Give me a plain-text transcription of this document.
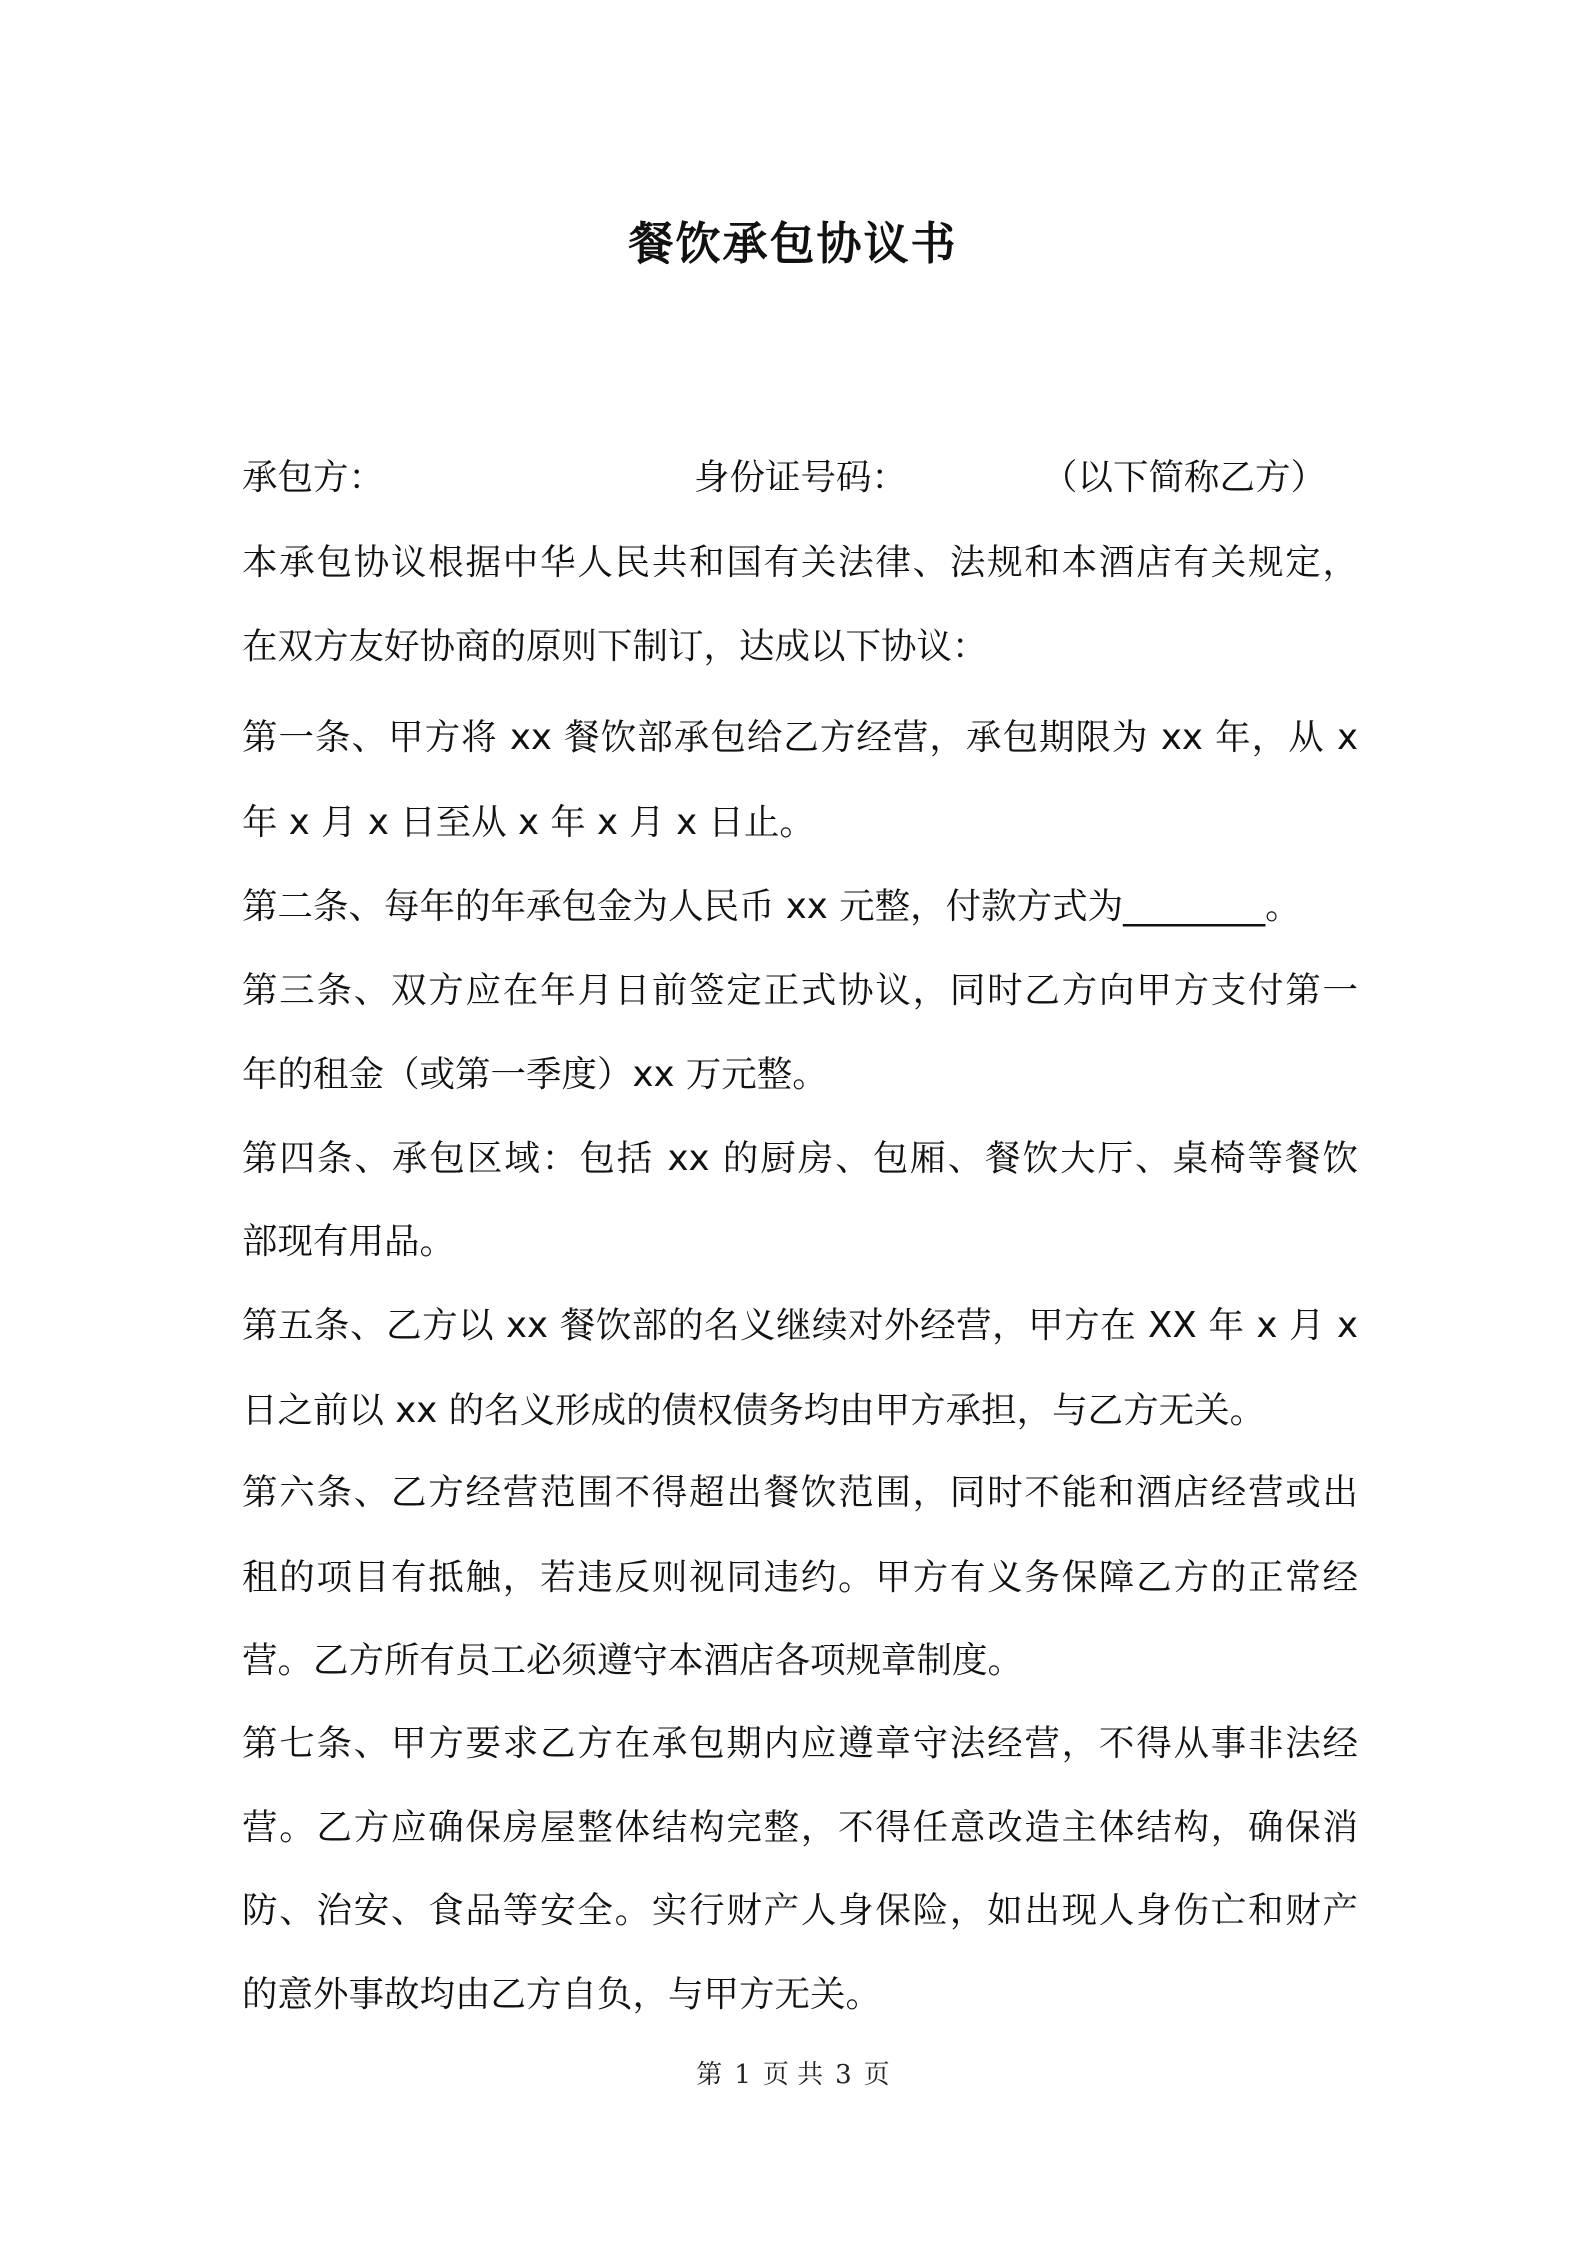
餐饮承包协议书
承包方：	身份证号码：	（以下简称乙方）
本承包协议根据中华人民共和国有关法律、法规和本酒店有关规定，
在双方友好协商的原则下制订，达成以下协议：
第一条、甲方将 xx 餐饮部承包给乙方经营，承包期限为 xx 年，从 x
年 x 月 x 日至从 x 年 x 月 x 日止。
第二条、每年的年承包金为人民币 xx 元整，付款方式为________。
第三条、双方应在年月日前签定正式协议，同时乙方向甲方支付第一
年的租金（或第一季度）xx 万元整。
第四条、承包区域：包括 xx 的厨房、包厢、餐饮大厅、桌椅等餐饮
部现有用品。
第五条、乙方以 xx 餐饮部的名义继续对外经营，甲方在 XX 年 x 月 x
日之前以 xx 的名义形成的债权债务均由甲方承担，与乙方无关。
第六条、乙方经营范围不得超出餐饮范围，同时不能和酒店经营或出
租的项目有抵触，若违反则视同违约。甲方有义务保障乙方的正常经
营。乙方所有员工必须遵守本酒店各项规章制度。
第七条、甲方要求乙方在承包期内应遵章守法经营，不得从事非法经
营。乙方应确保房屋整体结构完整，不得任意改造主体结构，确保消
防、治安、食品等安全。实行财产人身保险，如出现人身伤亡和财产
的意外事故均由乙方自负，与甲方无关。
第 1 页 共 3 页
